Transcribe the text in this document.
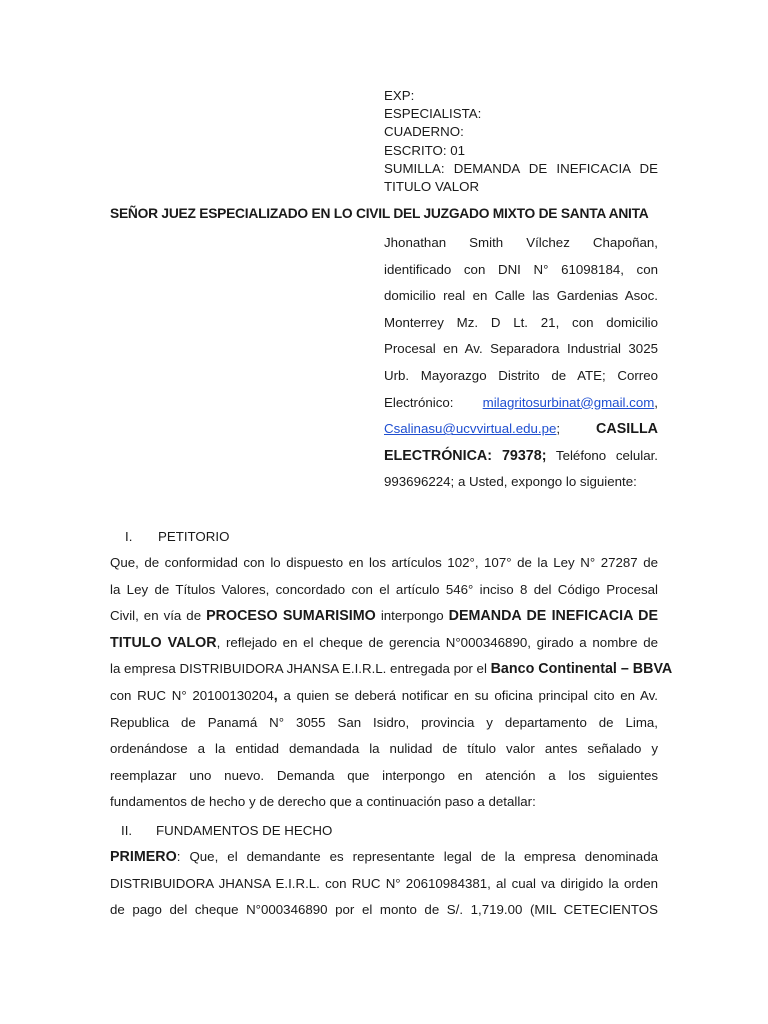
EXP:
ESPECIALISTA:
CUADERNO:
ESCRITO: 01
SUMILLA: DEMANDA DE INEFICACIA DE
TITULO VALOR
SEÑOR JUEZ ESPECIALIZADO EN LO CIVIL DEL JUZGADO MIXTO DE SANTA ANITA
Jhonathan Smith Vílchez Chapoñan,
identificado con DNI N° 61098184, con
domicilio real en Calle las Gardenias Asoc.
Monterrey Mz. D Lt. 21, con domicilio
Procesal en Av. Separadora Industrial 3025
Urb. Mayorazgo Distrito de ATE; Correo
Electrónico: milagritosurbinat@gmail.com,
Csalinasu@ucvvirtual.edu.pe;	CASILLA
ELECTRÓNICA: 79378; Teléfono celular.
993696224; a Usted, expongo lo siguiente:
I. PETITORIO
Que, de conformidad con lo dispuesto en los artículos 102°, 107° de la Ley N° 27287 de
la Ley de Títulos Valores, concordado con el artículo 546° inciso 8 del Código Procesal
Civil, en vía de PROCESO SUMARISIMO interpongo DEMANDA DE INEFICACIA DE
TITULO VALOR, reflejado en el cheque de gerencia N°000346890, girado a nombre de
la empresa DISTRIBUIDORA JHANSA E.I.R.L. entregada por el Banco Continental – BBVA
con RUC N° 20100130204, a quien se deberá notificar en su oficina principal cito en Av.
Republica de Panamá N° 3055 San Isidro, provincia y departamento de Lima,
ordenándose a la entidad demandada la nulidad de título valor antes señalado y
reemplazar uno nuevo. Demanda que interpongo en atención a los siguientes
fundamentos de hecho y de derecho que a continuación paso a detallar:
II. FUNDAMENTOS DE HECHO
PRIMERO: Que, el demandante es representante legal de la empresa denominada
DISTRIBUIDORA JHANSA E.I.R.L. con RUC N° 20610984381, al cual va dirigido la orden
de pago del cheque N°000346890 por el monto de S/. 1,719.00 (MIL CETECIENTOS
